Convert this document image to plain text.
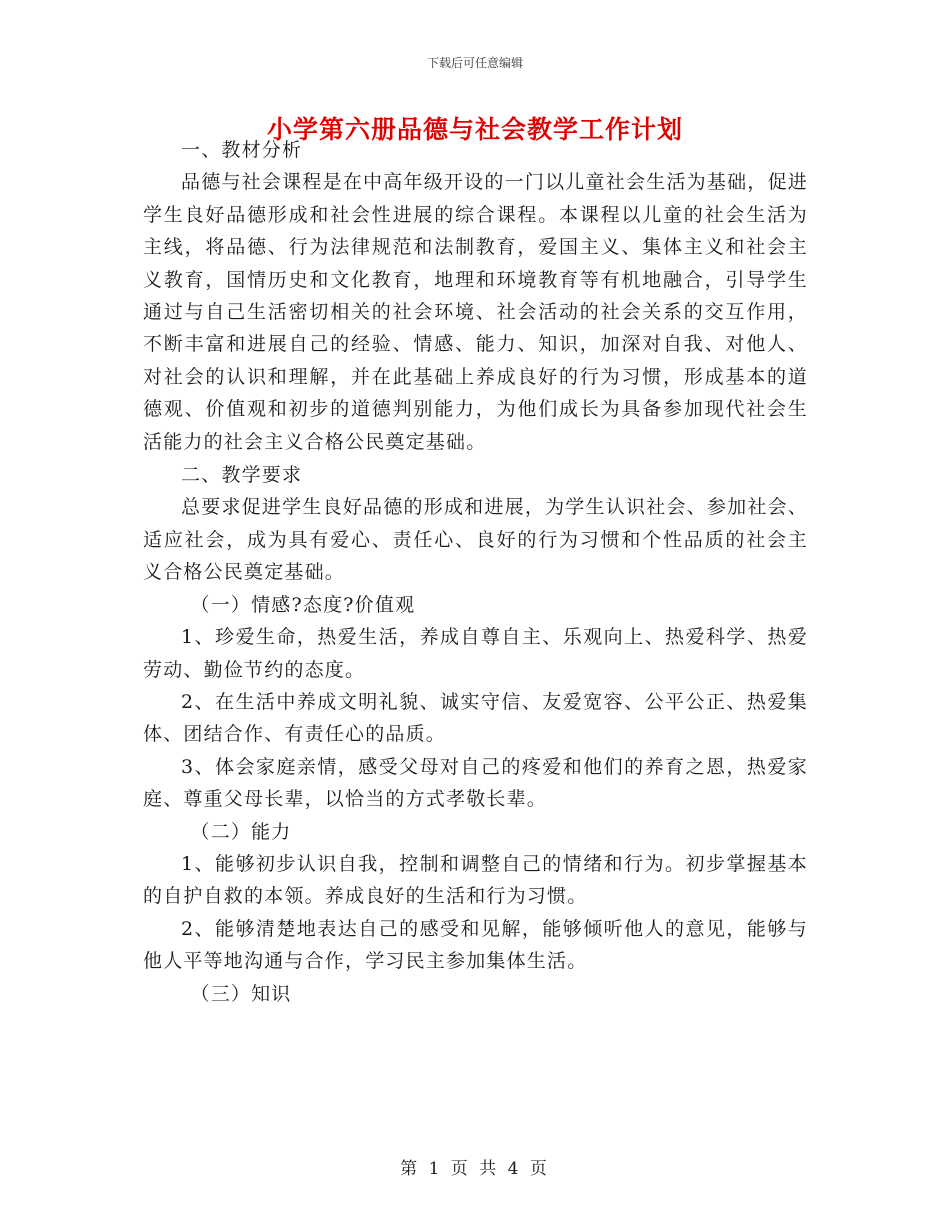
下载后可任意编辑
小学第六册品德与社会教学工作计划

一、教材分析

品德与社会课程是在中高年级开设的一门以儿童社会生活为基础，促进学生良好品德形成和社会性进展的综合课程。本课程以儿童的社会生活为主线，将品德、行为法律规范和法制教育，爱国主义、集体主义和社会主义教育，国情历史和文化教育，地理和环境教育等有机地融合，引导学生通过与自己生活密切相关的社会环境、社会活动的社会关系的交互作用，不断丰富和进展自己的经验、情感、能力、知识，加深对自我、对他人、对社会的认识和理解，并在此基础上养成良好的行为习惯，形成基本的道德观、价值观和初步的道德判别能力，为他们成长为具备参加现代社会生活能力的社会主义合格公民奠定基础。

二、教学要求

总要求促进学生良好品德的形成和进展，为学生认识社会、参加社会、适应社会，成为具有爱心、责任心、良好的行为习惯和个性品质的社会主义合格公民奠定基础。

（一）情感?态度?价值观

1、珍爱生命，热爱生活，养成自尊自主、乐观向上、热爱科学、热爱劳动、勤俭节约的态度。

2、在生活中养成文明礼貌、诚实守信、友爱宽容、公平公正、热爱集体、团结合作、有责任心的品质。

3、体会家庭亲情，感受父母对自己的疼爱和他们的养育之恩，热爱家庭、尊重父母长辈，以恰当的方式孝敬长辈。

（二）能力

1、能够初步认识自我，控制和调整自己的情绪和行为。初步掌握基本的自护自救的本领。养成良好的生活和行为习惯。

2、能够清楚地表达自己的感受和见解，能够倾听他人的意见，能够与他人平等地沟通与合作，学习民主参加集体生活。

（三）知识

第 1 页 共 4 页
